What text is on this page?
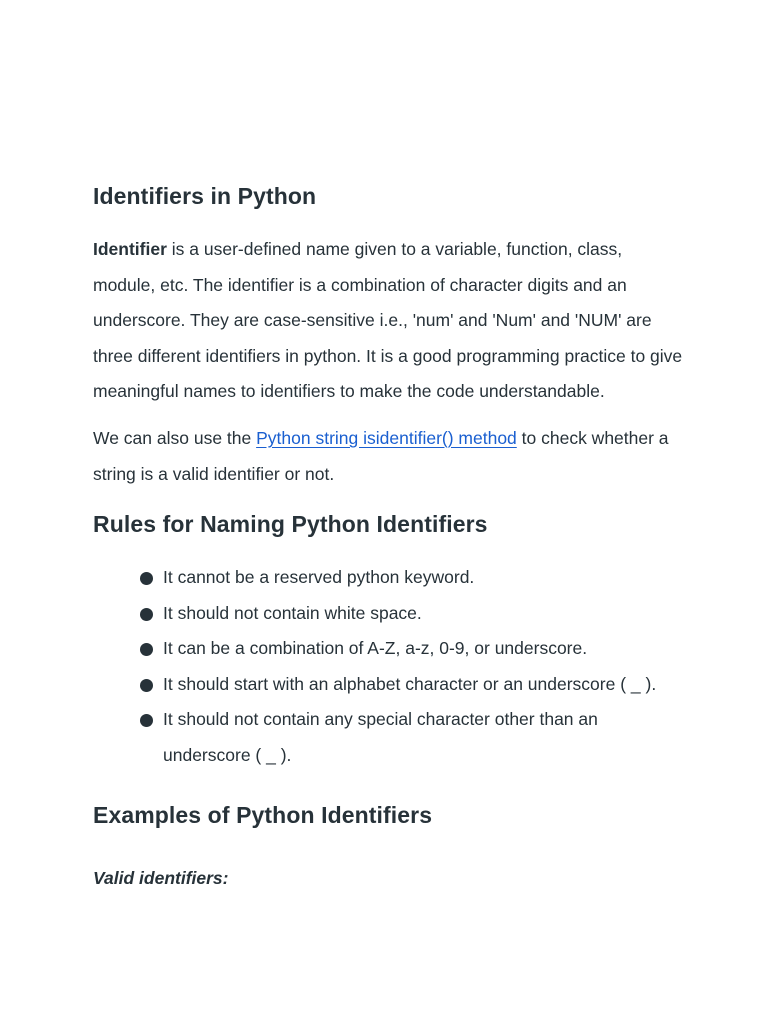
Identifiers in Python

Identifier is a user-defined name given to a variable, function, class, module, etc. The identifier is a combination of character digits and an underscore. They are case-sensitive i.e., 'num' and 'Num' and 'NUM' are three different identifiers in python. It is a good programming practice to give meaningful names to identifiers to make the code understandable.

We can also use the Python string isidentifier() method to check whether a string is a valid identifier or not.

Rules for Naming Python Identifiers
It cannot be a reserved python keyword.
It should not contain white space.
It can be a combination of A-Z, a-z, 0-9, or underscore.
It should start with an alphabet character or an underscore ( _ ).
It should not contain any special character other than an underscore ( _ ).
Examples of Python Identifiers
Valid identifiers:
